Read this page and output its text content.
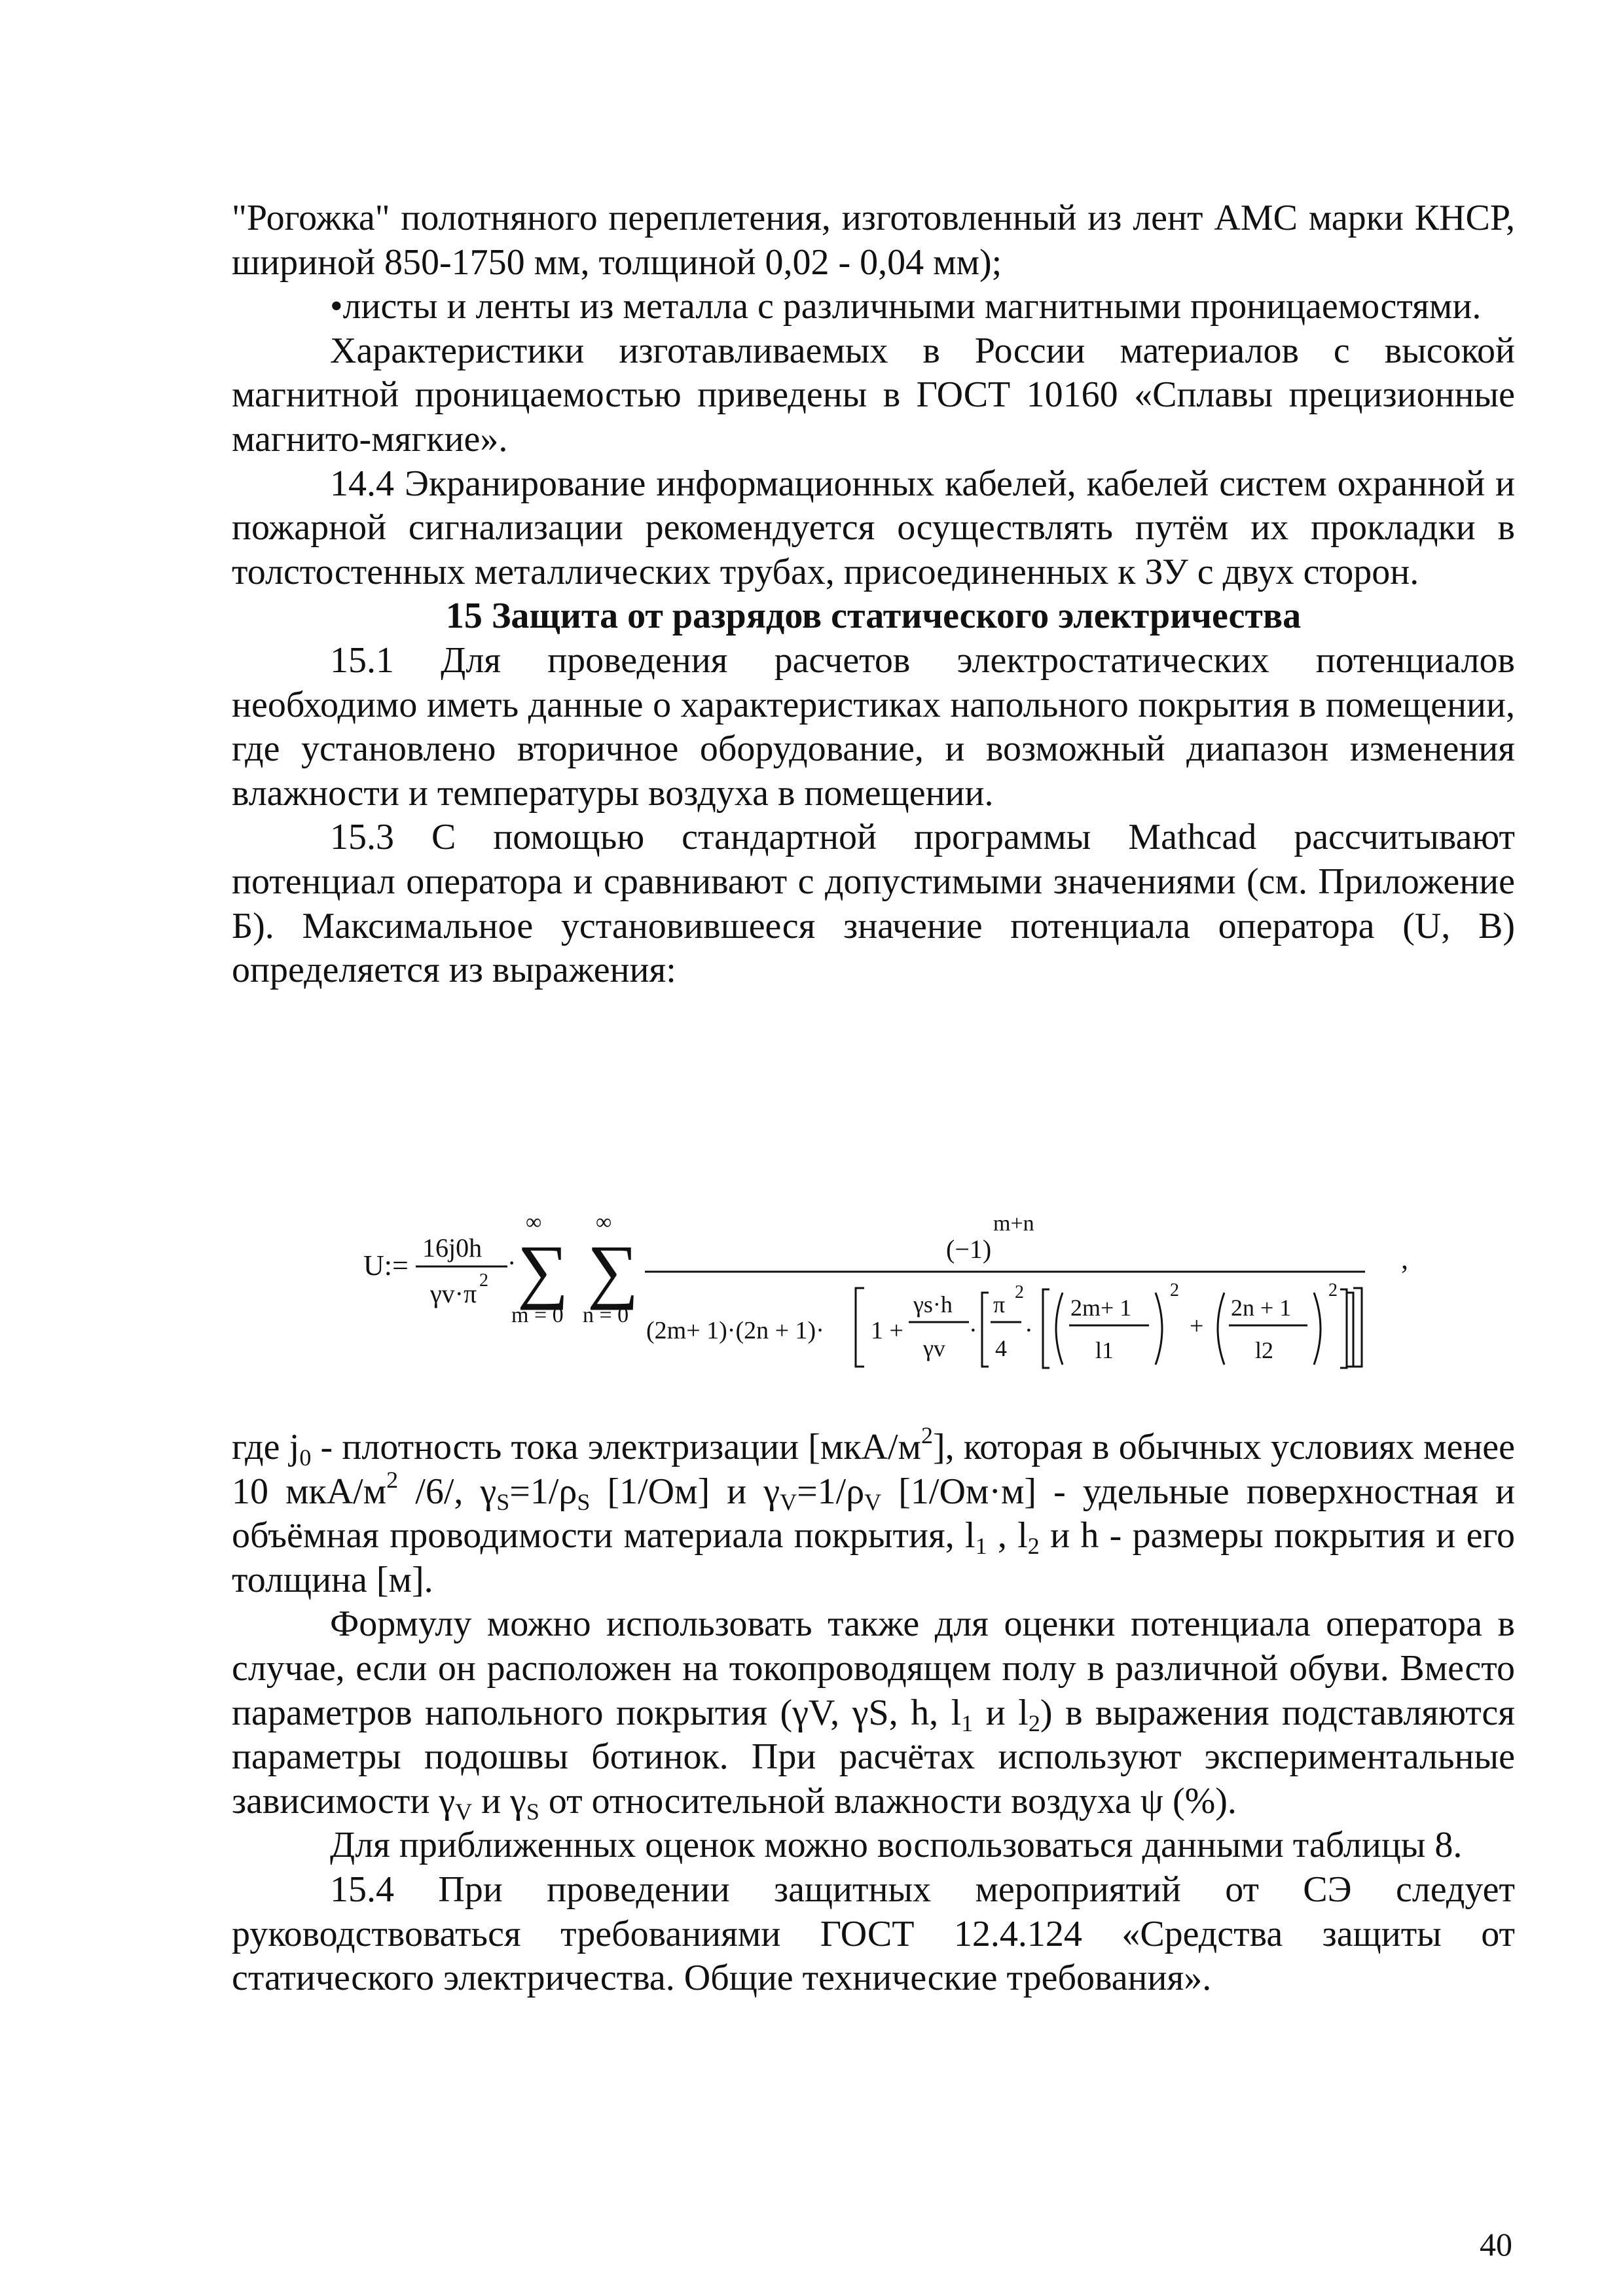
"Рогожка" полотняного переплетения, изготовленный из лент АМС марки КНСР, шириной 850-1750 мм, толщиной 0,02 - 0,04 мм);

•листы и ленты из металла с различными магнитными проницаемостями.

Характеристики изготавливаемых в России материалов с высокой магнитной проницаемостью приведены в ГОСТ 10160 «Сплавы прецизионные магнито-мягкие».

14.4 Экранирование информационных кабелей, кабелей систем охранной и пожарной сигнализации рекомендуется осуществлять путём их прокладки в толстостенных металлических трубах, присоединенных к ЗУ с двух сторон.

15 Защита от разрядов статического электричества

15.1 Для проведения расчетов электростатических потенциалов необходимо иметь данные о характеристиках напольного покрытия в помещении, где установлено вторичное оборудование, и возможный диапазон изменения влажности и температуры воздуха в помещении.

15.3 С помощью стандартной программы Mathcad рассчитывают потенциал оператора и сравнивают с допустимыми значениями (см. Приложение Б). Максимальное установившееся значение потенциала оператора (U, В) определяется из выражения:

U:=
16j0h
γv·π 2
·
∞
∑
m = 0
∞
∑
n = 0
(−1)
m+n
(2m+ 1)·(2n + 1)· 1 +
γs·h
γv
·
π 2
4
·
2m+ 1
l1
2
+
2n + 1
l2
2
,

где $j_0$ - плотность тока электризации $[мкА/м^2]$, которая в обычных условиях менее 10 мкА/$м^2$ /6/, $\gamma_S=1/\rho_S$ [1/Ом] и $\gamma_V=1/\rho_V$ [1/Ом·м] - удельные поверхностная и объёмная проводимости материала покрытия, $l_1$ , $l_2$ и h - размеры покрытия и его толщина [м].

Формулу можно использовать также для оценки потенциала оператора в случае, если он расположен на токопроводящем полу в различной обуви. Вместо параметров напольного покрытия (γV, γS, h, $l_1$ и $l_2$) в выражения подставляются параметры подошвы ботинок. При расчётах используют экспериментальные зависимости $\gamma_V$ и $\gamma_S$ от относительной влажности воздуха ψ (%).

Для приближенных оценок можно воспользоваться данными таблицы 8.

15.4 При проведении защитных мероприятий от СЭ следует руководствоваться требованиями ГОСТ 12.4.124 «Средства защиты от статического электричества. Общие технические требования».

40
